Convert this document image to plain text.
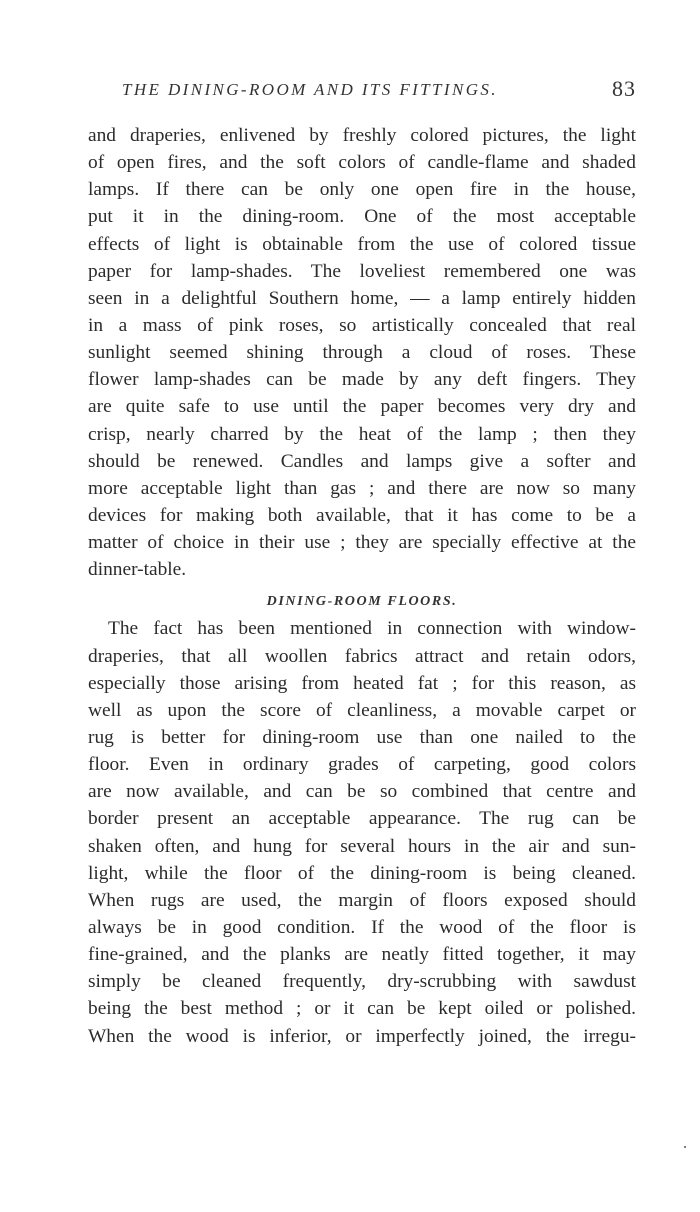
THE DINING-ROOM AND ITS FITTINGS.	83
and draperies, enlivened by freshly colored pictures, the light
of open fires, and the soft colors of candle-flame and shaded
lamps. If there can be only one open fire in the house,
put it in the dining-room. One of the most acceptable
effects of light is obtainable from the use of colored tissue
paper for lamp-shades. The loveliest remembered one was
seen in a delightful Southern home, — a lamp entirely hidden
in a mass of pink roses, so artistically concealed that real
sunlight seemed shining through a cloud of roses. These
flower lamp-shades can be made by any deft fingers. They
are quite safe to use until the paper becomes very dry and
crisp, nearly charred by the heat of the lamp ; then they
should be renewed. Candles and lamps give a softer and
more acceptable light than gas ; and there are now so many
devices for making both available, that it has come to be a
matter of choice in their use ; they are specially effective at the
dinner-table.
DINING-ROOM FLOORS.
The fact has been mentioned in connection with window-
draperies, that all woollen fabrics attract and retain odors,
especially those arising from heated fat ; for this reason, as
well as upon the score of cleanliness, a movable carpet or
rug is better for dining-room use than one nailed to the
floor. Even in ordinary grades of carpeting, good colors
are now available, and can be so combined that centre and
border present an acceptable appearance. The rug can be
shaken often, and hung for several hours in the air and sun-
light, while the floor of the dining-room is being cleaned.
When rugs are used, the margin of floors exposed should
always be in good condition. If the wood of the floor is
fine-grained, and the planks are neatly fitted together, it may
simply be cleaned frequently, dry-scrubbing with sawdust
being the best method ; or it can be kept oiled or polished.
When the wood is inferior, or imperfectly joined, the irregu-
